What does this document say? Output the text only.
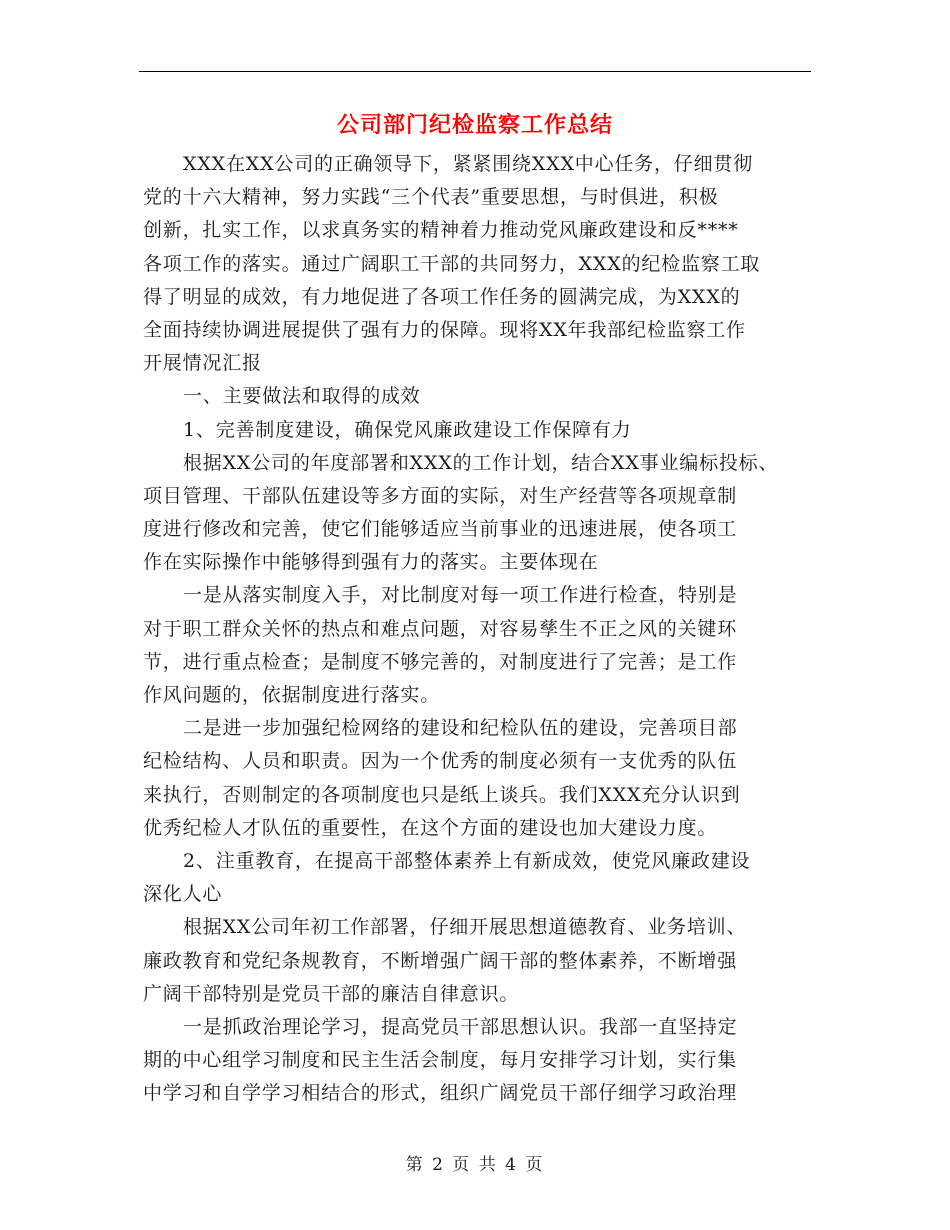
公司部门纪检监察工作总结
XXX在XX公司的正确领导下，紧紧围绕XXX中心任务，仔细贯彻
党的十六大精神，努力实践“三个代表”重要思想，与时俱进，积极
创新，扎实工作，以求真务实的精神着力推动党风廉政建设和反****
各项工作的落实。通过广阔职工干部的共同努力，XXX的纪检监察工取
得了明显的成效，有力地促进了各项工作任务的圆满完成，为XXX的
全面持续协调进展提供了强有力的保障。现将XX年我部纪检监察工作
开展情况汇报
一、主要做法和取得的成效
1、完善制度建设，确保党风廉政建设工作保障有力
根据XX公司的年度部署和XXX的工作计划，结合XX事业编标投标、
项目管理、干部队伍建设等多方面的实际，对生产经营等各项规章制
度进行修改和完善，使它们能够适应当前事业的迅速进展，使各项工
作在实际操作中能够得到强有力的落实。主要体现在
一是从落实制度入手，对比制度对每一项工作进行检查，特别是
对于职工群众关怀的热点和难点问题，对容易孳生不正之风的关键环
节，进行重点检查；是制度不够完善的，对制度进行了完善；是工作
作风问题的，依据制度进行落实。
二是进一步加强纪检网络的建设和纪检队伍的建设，完善项目部
纪检结构、人员和职责。因为一个优秀的制度必须有一支优秀的队伍
来执行，否则制定的各项制度也只是纸上谈兵。我们XXX充分认识到
优秀纪检人才队伍的重要性，在这个方面的建设也加大建设力度。
2、注重教育，在提高干部整体素养上有新成效，使党风廉政建设
深化人心
根据XX公司年初工作部署，仔细开展思想道德教育、业务培训、
廉政教育和党纪条规教育，不断增强广阔干部的整体素养，不断增强
广阔干部特别是党员干部的廉洁自律意识。
一是抓政治理论学习，提高党员干部思想认识。我部一直坚持定
期的中心组学习制度和民主生活会制度，每月安排学习计划，实行集
中学习和自学学习相结合的形式，组织广阔党员干部仔细学习政治理
第 2 页 共 4 页
